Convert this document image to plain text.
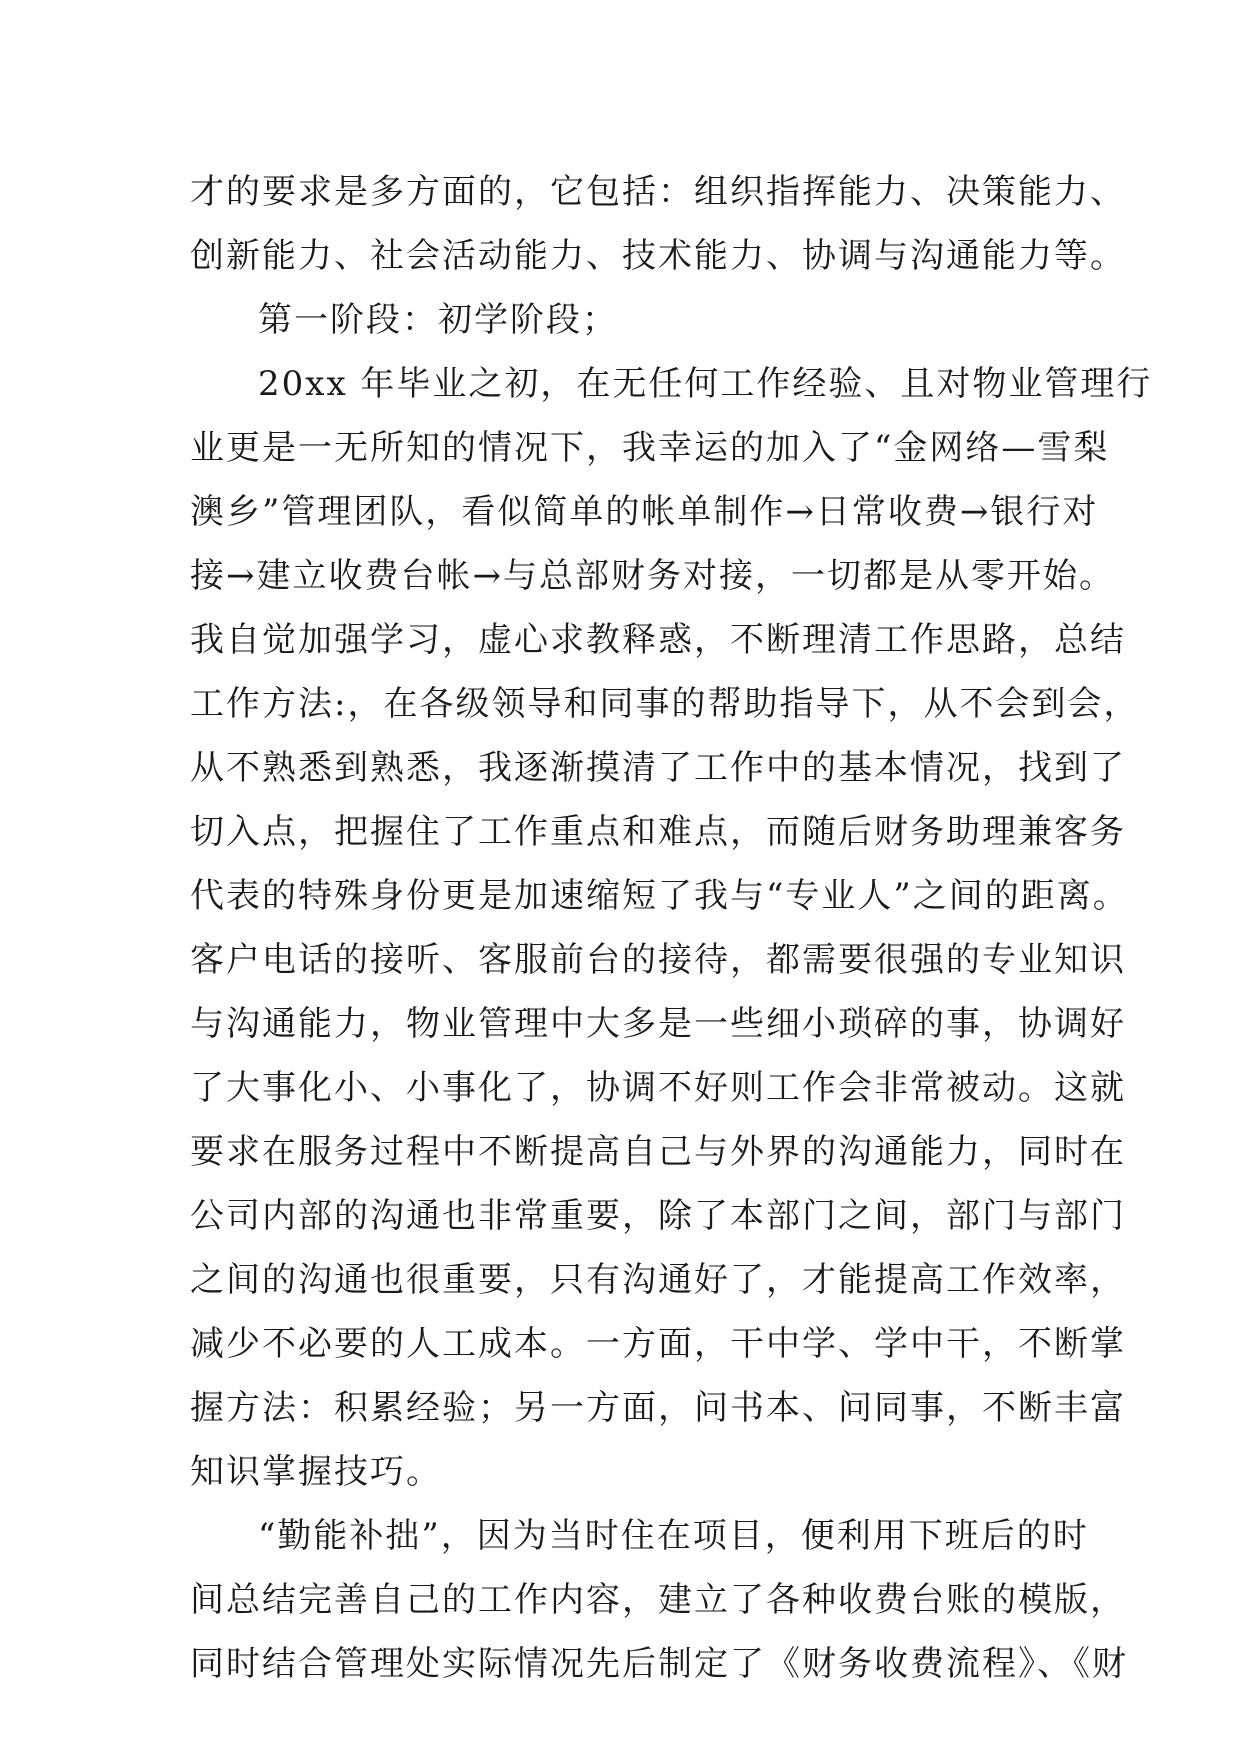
才的要求是多方面的，它包括：组织指挥能力、决策能力、
创新能力、社会活动能力、技术能力、协调与沟通能力等。
第一阶段：初学阶段；
20xx 年毕业之初，在无任何工作经验、且对物业管理行
业更是一无所知的情况下，我幸运的加入了“金网络—雪梨
澳乡”管理团队，看似简单的帐单制作→日常收费→银行对
接→建立收费台帐→与总部财务对接，一切都是从零开始。
我自觉加强学习，虚心求教释惑，不断理清工作思路，总结
工作方法:，在各级领导和同事的帮助指导下，从不会到会，
从不熟悉到熟悉，我逐渐摸清了工作中的基本情况，找到了
切入点，把握住了工作重点和难点，而随后财务助理兼客务
代表的特殊身份更是加速缩短了我与“专业人”之间的距离。
客户电话的接听、客服前台的接待，都需要很强的专业知识
与沟通能力，物业管理中大多是一些细小琐碎的事，协调好
了大事化小、小事化了，协调不好则工作会非常被动。这就
要求在服务过程中不断提高自己与外界的沟通能力，同时在
公司内部的沟通也非常重要，除了本部门之间，部门与部门
之间的沟通也很重要，只有沟通好了，才能提高工作效率，
减少不必要的人工成本。一方面，干中学、学中干，不断掌
握方法：积累经验；另一方面，问书本、问同事，不断丰富
知识掌握技巧。
“勤能补拙”，因为当时住在项目，便利用下班后的时
间总结完善自己的工作内容，建立了各种收费台账的模版，
同时结合管理处实际情况先后制定了《财务收费流程》、《财
